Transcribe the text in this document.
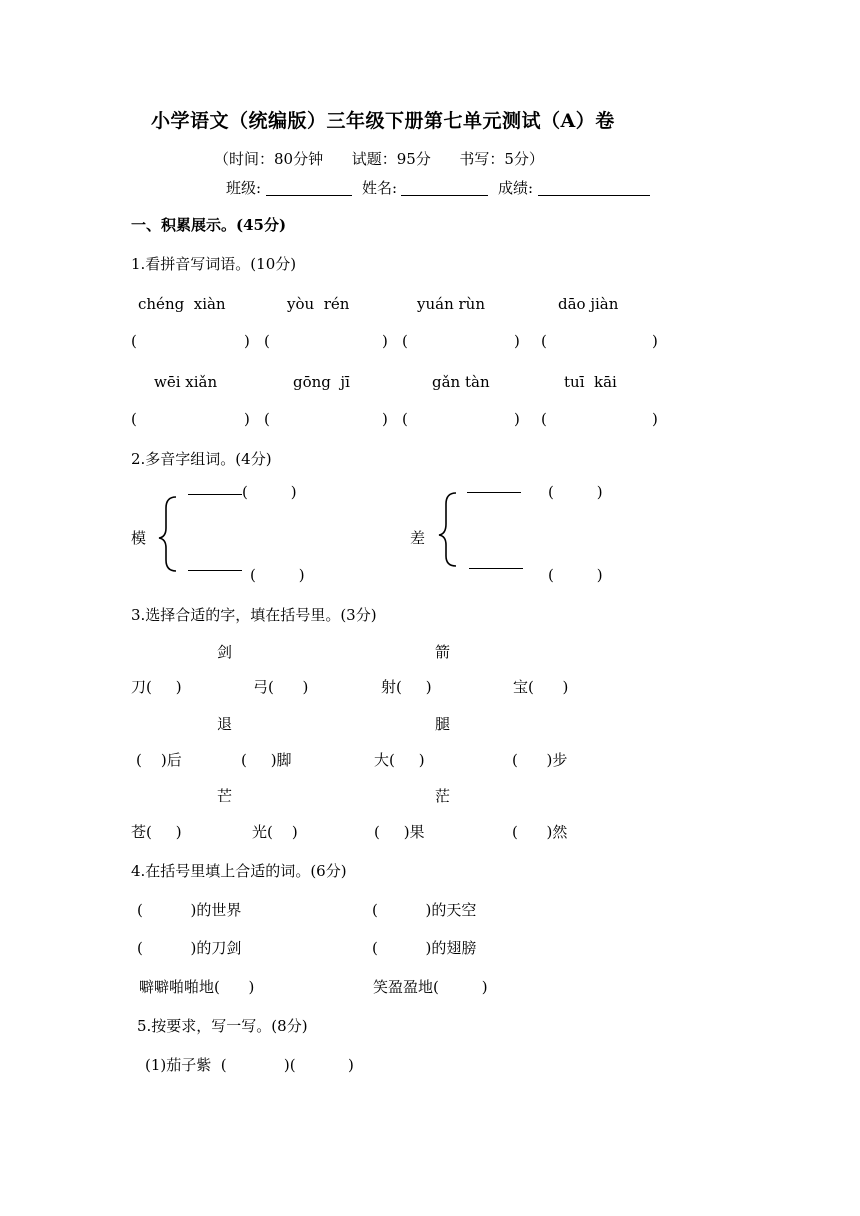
小学语文（统编版）三年级下册第七单元测试（A）卷
（时间：80分钟      试题：95分      书写：5分）
班级:	姓名:	成绩:
一、积累展示。(45分)
1.看拼音写词语。(10分)
chéng  xiàn	yòu  rén	yuán rùn	dāo jiàn
(	) (	) (	) (	)
wēi xiǎn	gōng  jī	gǎn tàn	tuī  kāi
(	) (	) (	) (	)
2.多音字组词。(4分)
模
(         )
(         )
差
(         )
(         )
3.选择合适的字，填在括号里。(3分)
剑	箭
刀(     )	弓(      )	射(     )	宝(      )
退	腿
(    )后	(     )脚	大(     )	(      )步
芒	茫
苍(     )	光(    )	(     )果	(      )然
4.在括号里填上合适的词。(6分)
(          )的世界	(          )的天空
(          )的刀剑	(          )的翅膀
噼噼啪啪地(      )	笑盈盈地(         )
5.按要求，写一写。(8分)
(1)茄子紫  (            )(           )
